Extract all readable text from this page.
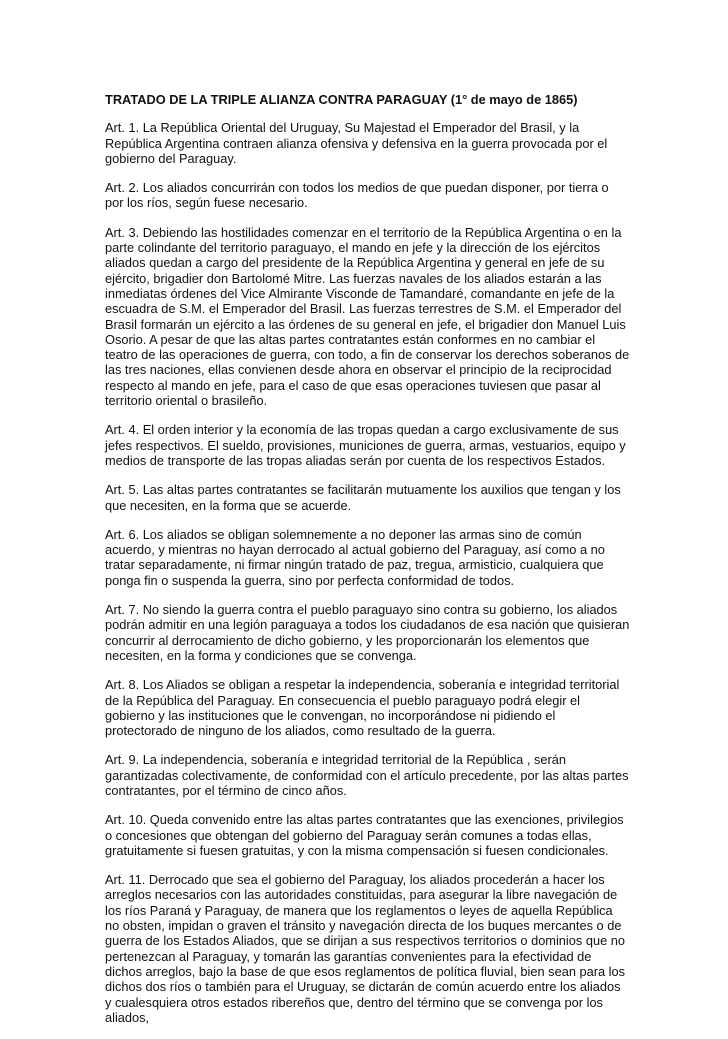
TRATADO DE LA TRIPLE ALIANZA CONTRA PARAGUAY (1° de mayo de 1865)

Art. 1. La República Oriental del Uruguay, Su Majestad el Emperador del Brasil, y la República Argentina contraen alianza ofensiva y defensiva en la guerra provocada por el gobierno del Paraguay.

Art. 2. Los aliados concurrirán con todos los medios de que puedan disponer, por tierra o por los ríos, según fuese necesario.

Art. 3. Debiendo las hostilidades comenzar en el territorio de la República Argentina o en la parte colindante del territorio paraguayo, el mando en jefe y la dirección de los ejércitos aliados quedan a cargo del presidente de la República Argentina y general en jefe de su ejército, brigadier don Bartolomé Mitre. Las fuerzas navales de los aliados estarán a las inmediatas órdenes del Vice Almirante Visconde de Tamandaré, comandante en jefe de la escuadra de S.M. el Emperador del Brasil. Las fuerzas terrestres de S.M. el Emperador del Brasil formarán un ejército a las órdenes de su general en jefe, el brigadier don Manuel Luis Osorio. A pesar de que las altas partes contratantes están conformes en no cambiar el teatro de las operaciones de guerra, con todo, a fin de conservar los derechos soberanos de las tres naciones, ellas convienen desde ahora en observar el principio de la reciprocidad respecto al mando en jefe, para el caso de que esas operaciones tuviesen que pasar al territorio oriental o brasileño.

Art. 4. El orden interior y la economía de las tropas quedan a cargo exclusivamente de sus jefes respectivos. El sueldo, provisiones, municiones de guerra, armas, vestuarios, equipo y medios de transporte de las tropas aliadas serán por cuenta de los respectivos Estados.

Art. 5. Las altas partes contratantes se facilitarán mutuamente los auxilios que tengan y los que necesiten, en la forma que se acuerde.

Art. 6. Los aliados se obligan solemnemente a no deponer las armas sino de común acuerdo, y mientras no hayan derrocado al actual gobierno del Paraguay, así como a no tratar separadamente, ni firmar ningún tratado de paz, tregua, armisticio, cualquiera que ponga fin o suspenda la guerra, sino por perfecta conformidad de todos.

Art. 7. No siendo la guerra contra el pueblo paraguayo sino contra su gobierno, los aliados podrán admitir en una legión paraguaya a todos los ciudadanos de esa nación que quisieran concurrir al derrocamiento de dicho gobierno, y les proporcionarán los elementos que necesiten, en la forma y condiciones que se convenga.

Art. 8. Los Aliados se obligan a respetar la independencia, soberanía e integridad territorial de la República del Paraguay. En consecuencia el pueblo paraguayo podrá elegir el gobierno y las instituciones que le convengan, no incorporándose ni pidiendo el protectorado de ninguno de los aliados, como resultado de la guerra.

Art. 9. La independencia, soberanía e integridad territorial de la República , serán garantizadas colectivamente, de conformidad con el artículo precedente, por las altas partes contratantes, por el término de cinco años.

Art. 10. Queda convenido entre las altas partes contratantes que las exenciones, privilegios o concesiones que obtengan del gobierno del Paraguay serán comunes a todas ellas, gratuitamente si fuesen gratuitas, y con la misma compensación si fuesen condicionales.

Art. 11. Derrocado que sea el gobierno del Paraguay, los aliados procederán a hacer los arreglos necesarios con las autoridades constituidas, para asegurar la libre navegación de los ríos Paraná y Paraguay, de manera que los reglamentos o leyes de aquella República no obsten, impidan o graven el tránsito y navegación directa de los buques mercantes o de guerra de los Estados Aliados, que se dirijan a sus respectivos territorios o dominios que no pertenezcan al Paraguay, y tomarán las garantías convenientes para la efectividad de dichos arreglos, bajo la base de que esos reglamentos de política fluvial, bien sean para los dichos dos ríos o también para el Uruguay, se dictarán de común acuerdo entre los aliados y cualesquiera otros estados ribereños que, dentro del término que se convenga por los aliados,
